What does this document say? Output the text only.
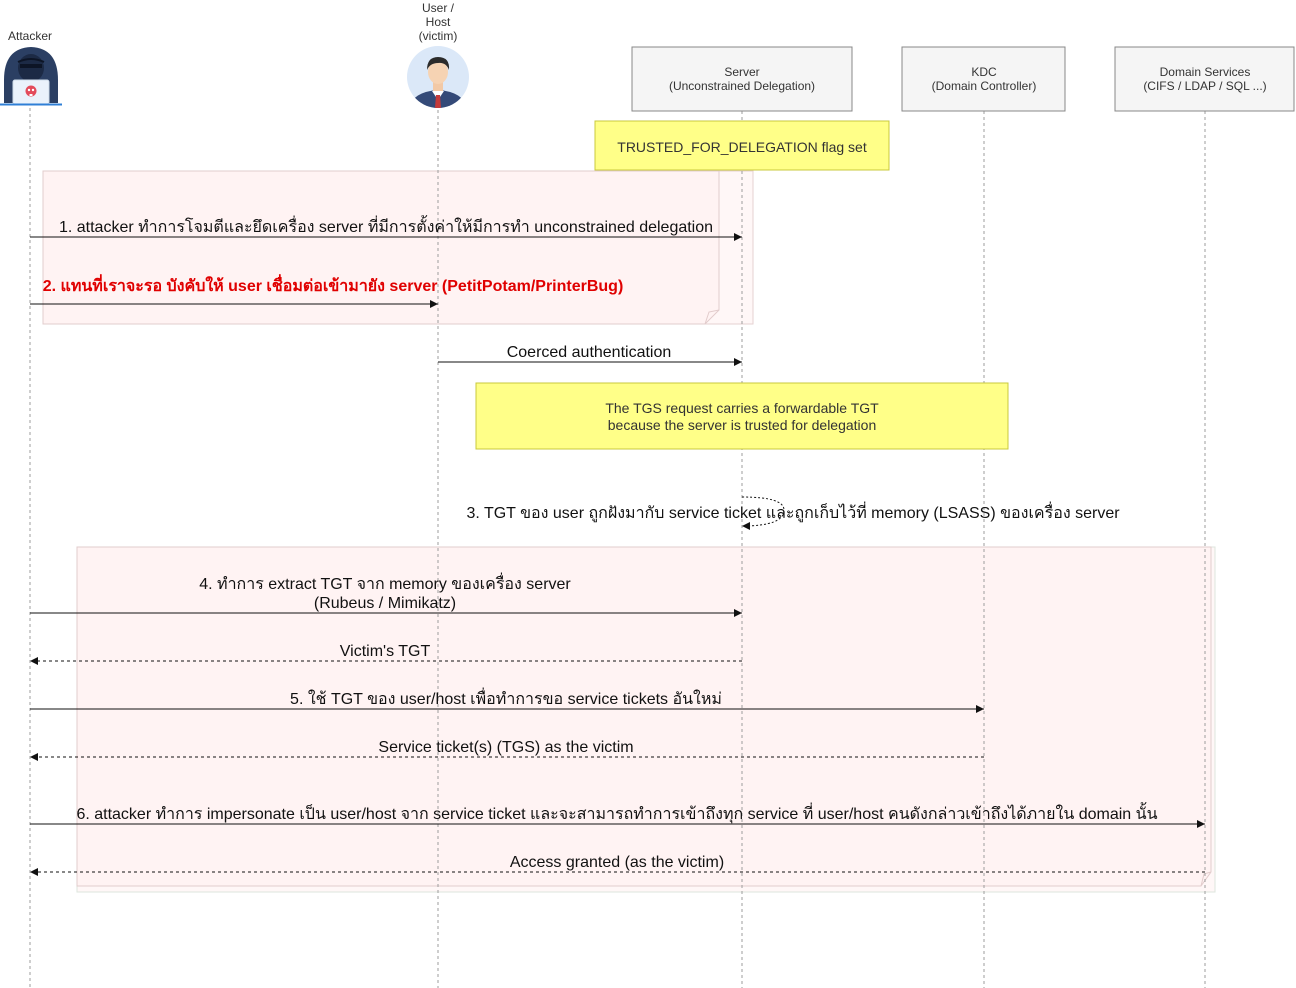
Attacker
User /
Host
(victim)
Server
(Unconstrained Delegation)
KDC
(Domain Controller)
Domain Services
(CIFS / LDAP / SQL ...)
TRUSTED_FOR_DELEGATION flag set
The TGS request carries a forwardable TGT
because the server is trusted for delegation
1. attacker ทำการโจมตีและยึดเครื่อง server ที่มีการตั้งค่าให้มีการทำ unconstrained delegation
2. แทนที่เราจะรอ บังคับให้ user เชื่อมต่อเข้ามายัง server (PetitPotam/PrinterBug)
Coerced authentication
3. TGT ของ user ถูกฝังมากับ service ticket และถูกเก็บไว้ที่ memory (LSASS) ของเครื่อง server
4. ทำการ extract TGT จาก memory ของเครื่อง server
(Rubeus / Mimikatz)
Victim's TGT
5. ใช้ TGT ของ user/host เพื่อทำการขอ service tickets อันใหม่
Service ticket(s) (TGS) as the victim
6. attacker ทำการ impersonate เป็น user/host จาก service ticket และจะสามารถทำการเข้าถึงทุก service ที่ user/host คนดังกล่าวเข้าถึงได้ภายใน domain นั้น
Access granted (as the victim)
